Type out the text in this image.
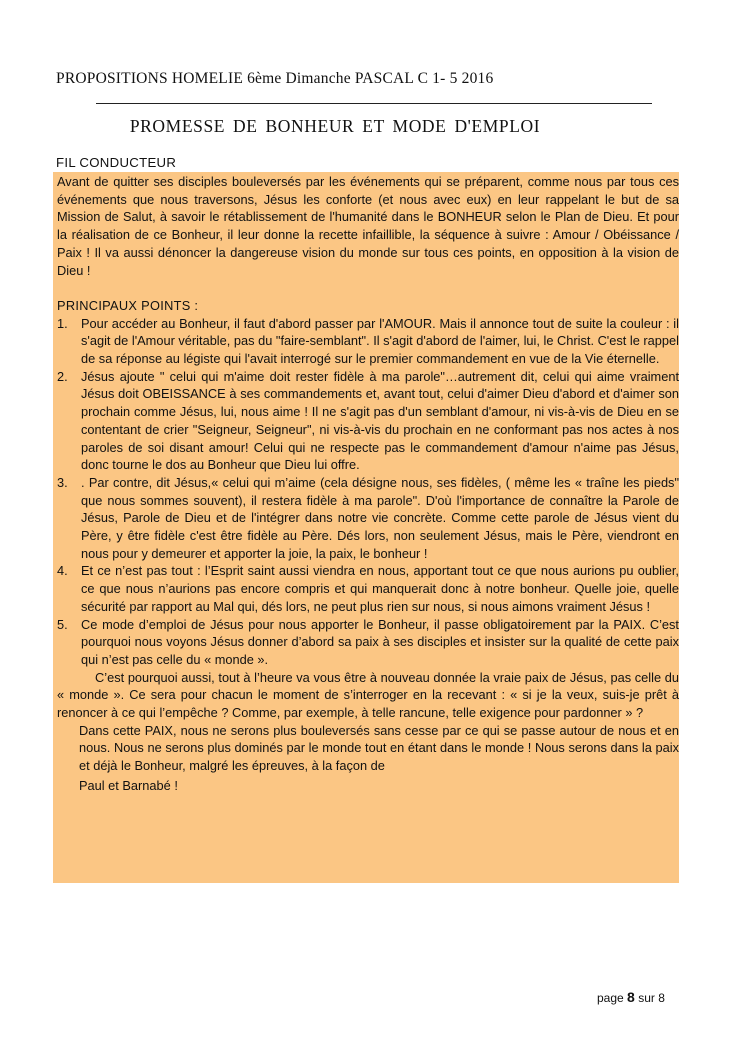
PROPOSITIONS HOMELIE 6ème Dimanche PASCAL C 1- 5 2016
PROMESSE DE BONHEUR ET MODE D'EMPLOI
FIL CONDUCTEUR

Avant de quitter ses disciples bouleversés par les événements qui se préparent, comme nous par tous ces événements que nous traversons, Jésus les conforte (et nous avec eux) en leur rappelant le but de sa Mission de Salut, à savoir le rétablissement de l'humanité dans le BONHEUR selon le Plan de Dieu. Et pour la réalisation de ce Bonheur, il leur donne la recette infaillible, la séquence à suivre : Amour / Obéissance / Paix ! Il va aussi dénoncer la dangereuse vision du monde sur tous ces points, en opposition à la vision de Dieu !

PRINCIPAUX POINTS :

1.	Pour accéder au Bonheur, il faut d'abord passer par l'AMOUR. Mais il annonce tout de suite la couleur : il s'agit de l'Amour véritable, pas du "faire-semblant". Il s'agit d'abord de l'aimer, lui, le Christ. C'est le rappel de sa réponse au légiste qui l'avait interrogé sur le premier commandement en vue de la Vie éternelle.
2.	Jésus ajoute " celui qui m'aime doit rester fidèle à ma parole"…autrement dit, celui qui aime vraiment Jésus doit OBEISSANCE à ses commandements et, avant tout, celui d'aimer Dieu d'abord et d'aimer son prochain comme Jésus, lui, nous aime ! Il ne s'agit pas d'un semblant d'amour, ni vis-à-vis de Dieu en se contentant de crier "Seigneur, Seigneur", ni vis-à-vis du prochain en ne conformant pas nos actes à nos paroles de soi disant amour! Celui qui ne respecte pas le commandement d'amour n'aime pas Jésus, donc tourne le dos au Bonheur que Dieu lui offre.
3.	. Par contre, dit Jésus,« celui qui m’aime (cela désigne nous, ses fidèles, ( même les « traîne les pieds" que nous sommes souvent), il restera fidèle à ma parole". D'où l'importance de connaître la Parole de Jésus, Parole de Dieu et de l'intégrer dans notre vie concrète. Comme cette parole de Jésus vient du Père, y être fidèle c'est être fidèle au Père. Dés lors, non seulement Jésus, mais le Père, viendront en nous pour y demeurer et apporter la joie, la paix, le bonheur !
4.	Et ce n’est pas tout : l’Esprit saint aussi viendra en nous, apportant tout ce que nous aurions pu oublier, ce que nous n’aurions pas encore compris et qui manquerait donc à notre bonheur. Quelle joie, quelle sécurité par rapport au Mal qui, dés lors, ne peut plus rien sur nous, si nous aimons vraiment Jésus !
5.	Ce mode d’emploi de Jésus pour nous apporter le Bonheur, il passe obligatoirement par la PAIX. C’est pourquoi nous voyons Jésus donner d’abord sa paix à ses disciples et insister sur la qualité de cette paix qui n’est pas celle du « monde ».

C’est pourquoi aussi, tout à l’heure va vous être à nouveau donnée la vraie paix de Jésus, pas celle du « monde ». Ce sera pour chacun le moment de s’interroger en la recevant : « si je la veux, suis-je prêt à renoncer à ce qui l’empêche ? Comme, par exemple, à telle rancune, telle exigence pour pardonner » ?

Dans cette PAIX, nous ne serons plus bouleversés sans cesse par ce qui se passe autour de nous et en nous. Nous ne serons plus dominés par le monde tout en étant dans le monde ! Nous serons dans la paix et déjà le Bonheur, malgré les épreuves, à la façon de

Paul et Barnabé !

page 8 sur 8
